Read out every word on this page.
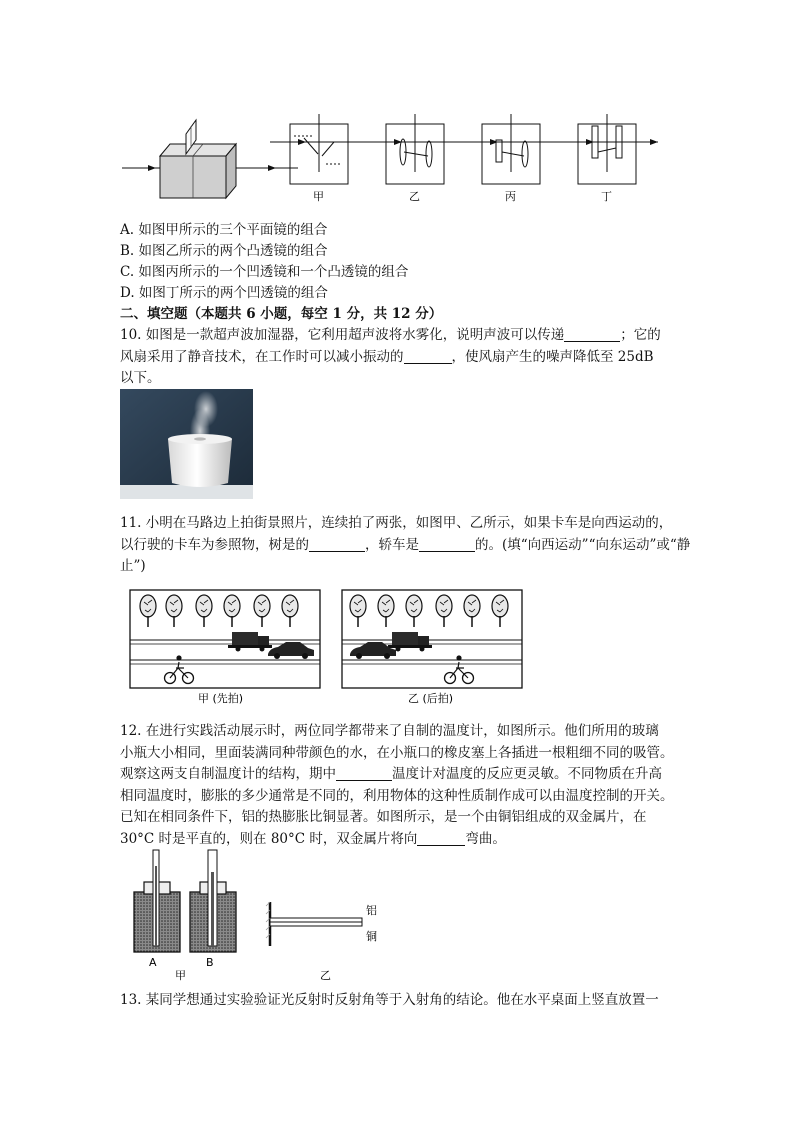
甲	乙	丙	丁
A. 如图甲所示的三个平面镜的组合
B. 如图乙所示的两个凸透镜的组合
C. 如图丙所示的一个凹透镜和一个凸透镜的组合
D. 如图丁所示的两个凹透镜的组合
二、填空题（本题共 6 小题，每空 1 分，共 12 分）
10. 如图是一款超声波加湿器，它利用超声波将水雾化，说明声波可以传递	；它的
风扇采用了静音技术，在工作时可以减小振动的	，使风扇产生的噪声降低至 25dB
以下。
11. 小明在马路边上拍街景照片，连续拍了两张，如图甲、乙所示，如果卡车是向西运动的，
以行驶的卡车为参照物，树是的	，轿车是	的。(填“向西运动”“向东运动”或“静
止”)
甲 (先拍)	乙 (后拍)
12. 在进行实践活动展示时，两位同学都带来了自制的温度计，如图所示。他们所用的玻璃
小瓶大小相同，里面装满同种带颜色的水，在小瓶口的橡皮塞上各插进一根粗细不同的吸管。
观察这两支自制温度计的结构，期中	温度计对温度的反应更灵敏。不同物质在升高
相同温度时，膨胀的多少通常是不同的，利用物体的这种性质制作成可以由温度控制的开关。
已知在相同条件下，铝的热膨胀比铜显著。如图所示，是一个由铜铝组成的双金属片，在
30°C 时是平直的，则在 80°C 时，双金属片将向	弯曲。
A	B
甲
铝
铜
乙
13. 某同学想通过实验验证光反射时反射角等于入射角的结论。他在水平桌面上竖直放置一
